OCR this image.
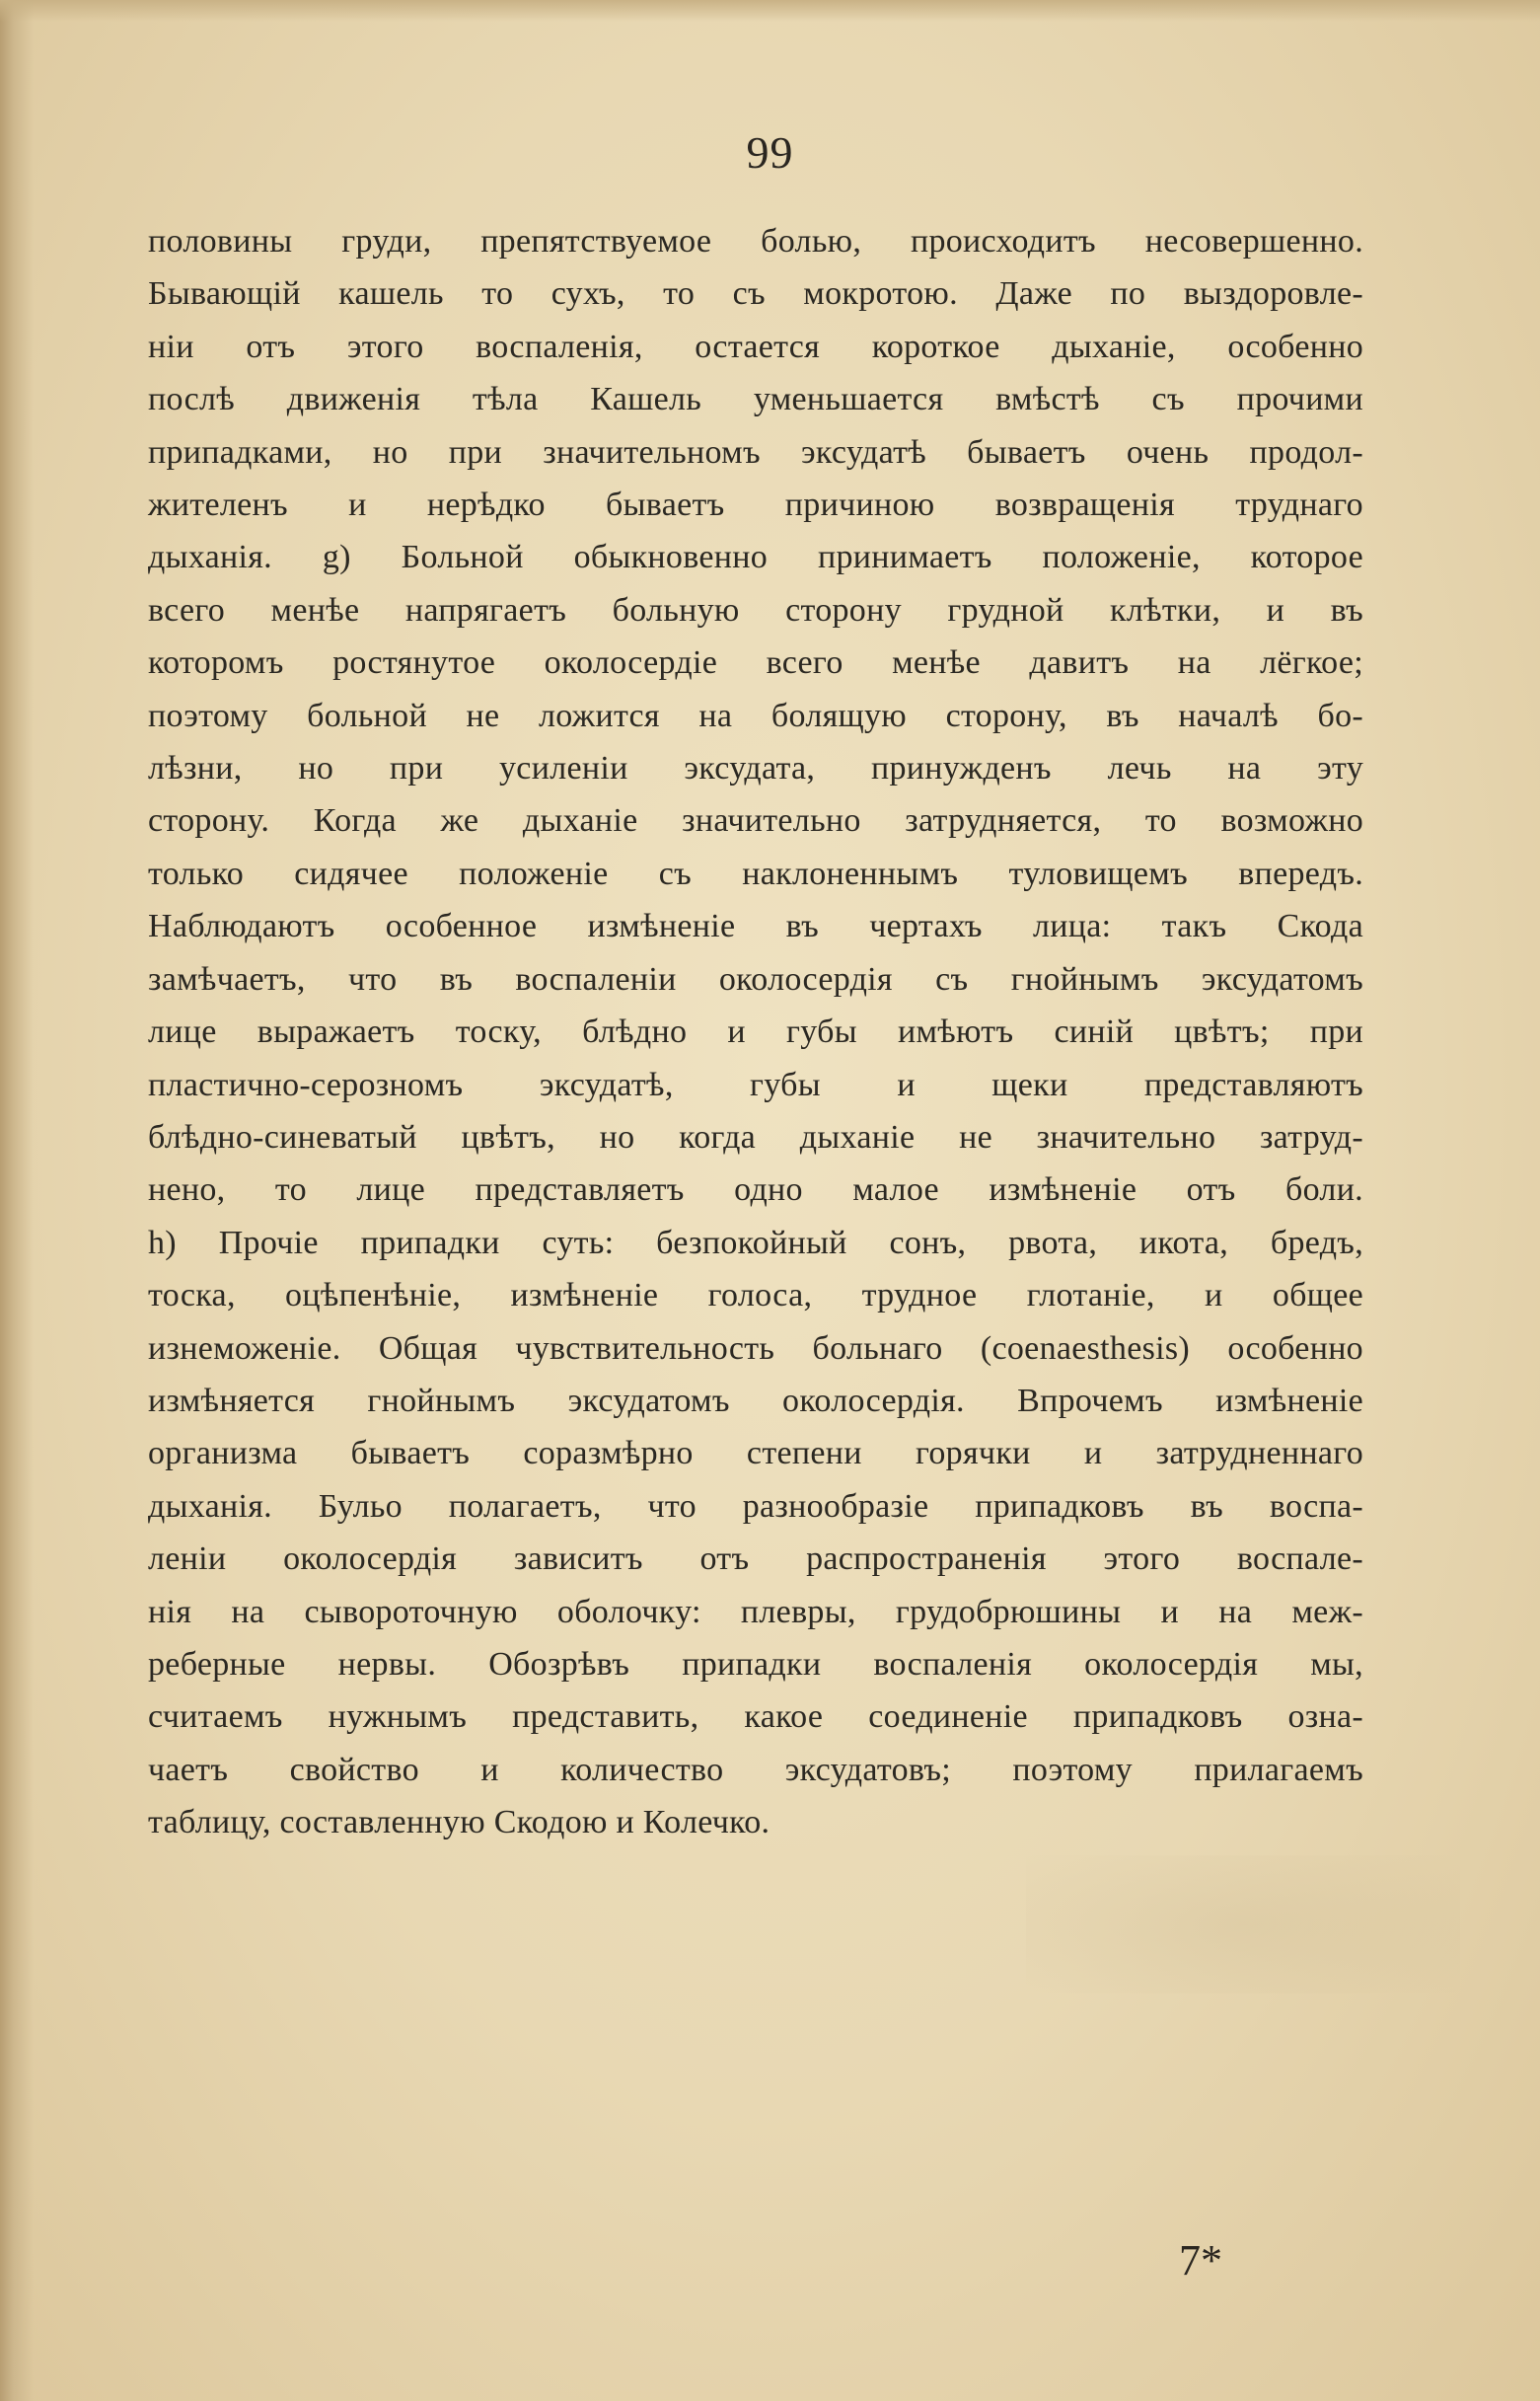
99
половины груди, препятствуемое болью, происходитъ несовершенно.
Бывающій кашель то сухъ, то съ мокротою. Даже по выздоровле-
ніи отъ этого воспаленія, остается короткое дыханіе, особенно
послѣ движенія тѣла Кашель уменьшается вмѣстѣ съ прочими
припадками, но при значительномъ эксудатѣ бываетъ очень продол-
жителенъ и нерѣдко бываетъ причиною возвращенія труднаго
дыханія. g) Больной обыкновенно принимаетъ положеніе, которое
всего менѣе напрягаетъ больную сторону грудной клѣтки, и въ
которомъ ростянутое околосердіе всего менѣе давитъ на лёгкое;
поэтому больной не ложится на болящую сторону, въ началѣ бо-
лѣзни, но при усиленіи эксудата, принужденъ лечь на эту
сторону. Когда же дыханіе значительно затрудняется, то возможно
только сидячее положеніе съ наклоненнымъ туловищемъ впередъ.
Наблюдаютъ особенное измѣненіе въ чертахъ лица: такъ Скода
замѣчаетъ, что въ воспаленіи околосердія съ гнойнымъ эксудатомъ
лице выражаетъ тоску, блѣдно и губы имѣютъ синій цвѣтъ; при
пластично-серозномъ эксудатѣ, губы и щеки представляютъ
блѣдно-синеватый цвѣтъ, но когда дыханіе не значительно затруд-
нено, то лице представляетъ одно малое измѣненіе отъ боли.
h) Прочіе припадки суть: безпокойный сонъ, рвота, икота, бредъ,
тоска, оцѣпенѣніе, измѣненіе голоса, трудное глотаніе, и общее
изнеможеніе. Общая чувствительность больнаго (coenaesthesis) особенно
измѣняется гнойнымъ эксудатомъ околосердія. Впрочемъ измѣненіе
организма бываетъ соразмѣрно степени горячки и затрудненнаго
дыханія. Бульо полагаетъ, что разнообразіе припадковъ въ воспа-
леніи околосердія зависитъ отъ распространенія этого воспале-
нія на сывороточную оболочку: плевры, грудобрюшины и на меж-
реберные нервы. Обозрѣвъ припадки воспаленія околосердія мы,
считаемъ нужнымъ представить, какое соединеніе припадковъ озна-
чаетъ свойство и количество эксудатовъ; поэтому прилагаемъ
таблицу, составленную Скодою и Колечко.
7*
